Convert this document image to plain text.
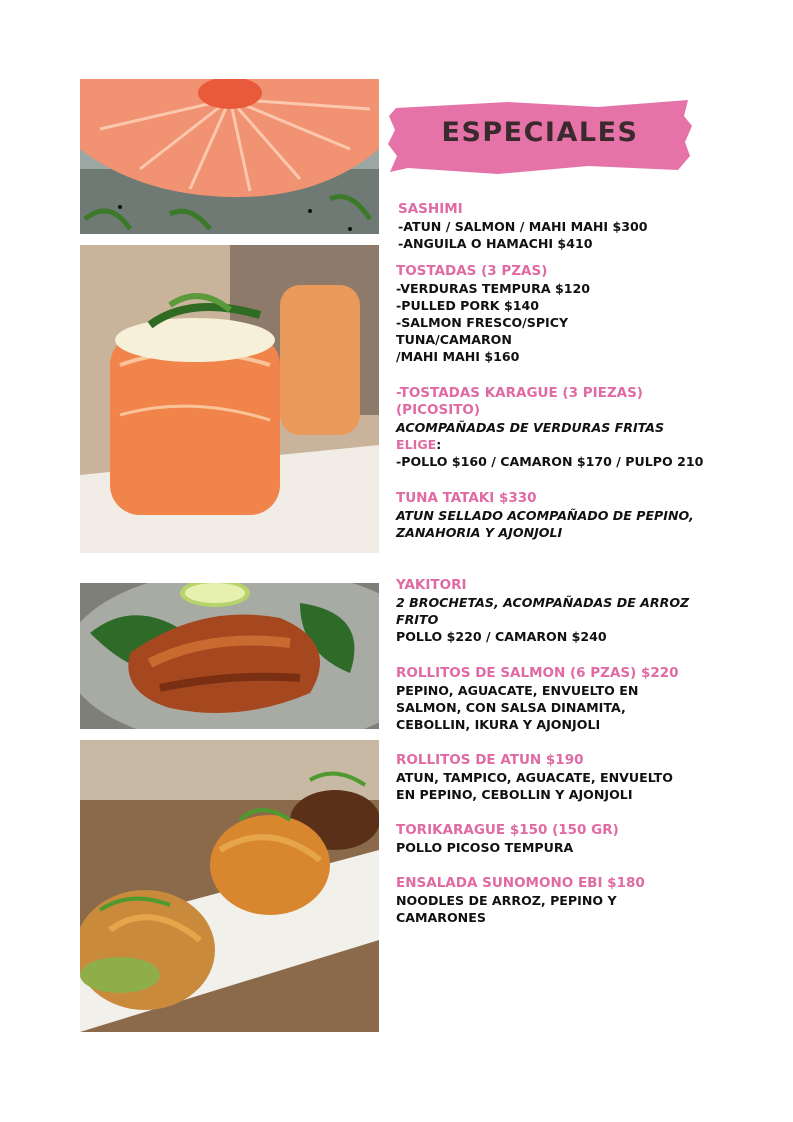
ESPECIALES
SASHIMI
-ATUN / SALMON / MAHI MAHI $300
-ANGUILA O HAMACHI $410
TOSTADAS (3 PZAS)
-VERDURAS TEMPURA $120
-PULLED PORK $140
-SALMON FRESCO/SPICY
TUNA/CAMARON
/MAHI MAHI $160
-TOSTADAS KARAGUE (3 PIEZAS)
(PICOSITO)
ACOMPAÑADAS DE VERDURAS FRITAS
ELIGE:
-POLLO $160 / CAMARON $170 / PULPO 210
TUNA TATAKI $330
ATUN SELLADO ACOMPAÑADO DE PEPINO,
ZANAHORIA Y AJONJOLI
YAKITORI
2 BROCHETAS, ACOMPAÑADAS DE ARROZ
FRITO
POLLO $220 / CAMARON $240
ROLLITOS DE SALMON (6 PZAS) $220
PEPINO, AGUACATE, ENVUELTO EN
SALMON, CON SALSA DINAMITA,
CEBOLLIN, IKURA Y AJONJOLI
ROLLITOS DE ATUN $190
ATUN, TAMPICO, AGUACATE, ENVUELTO
EN PEPINO, CEBOLLIN Y AJONJOLI
TORIKARAGUE $150 (150 GR)
POLLO PICOSO TEMPURA
ENSALADA SUNOMONO EBI $180
NOODLES DE ARROZ, PEPINO Y
CAMARONES
